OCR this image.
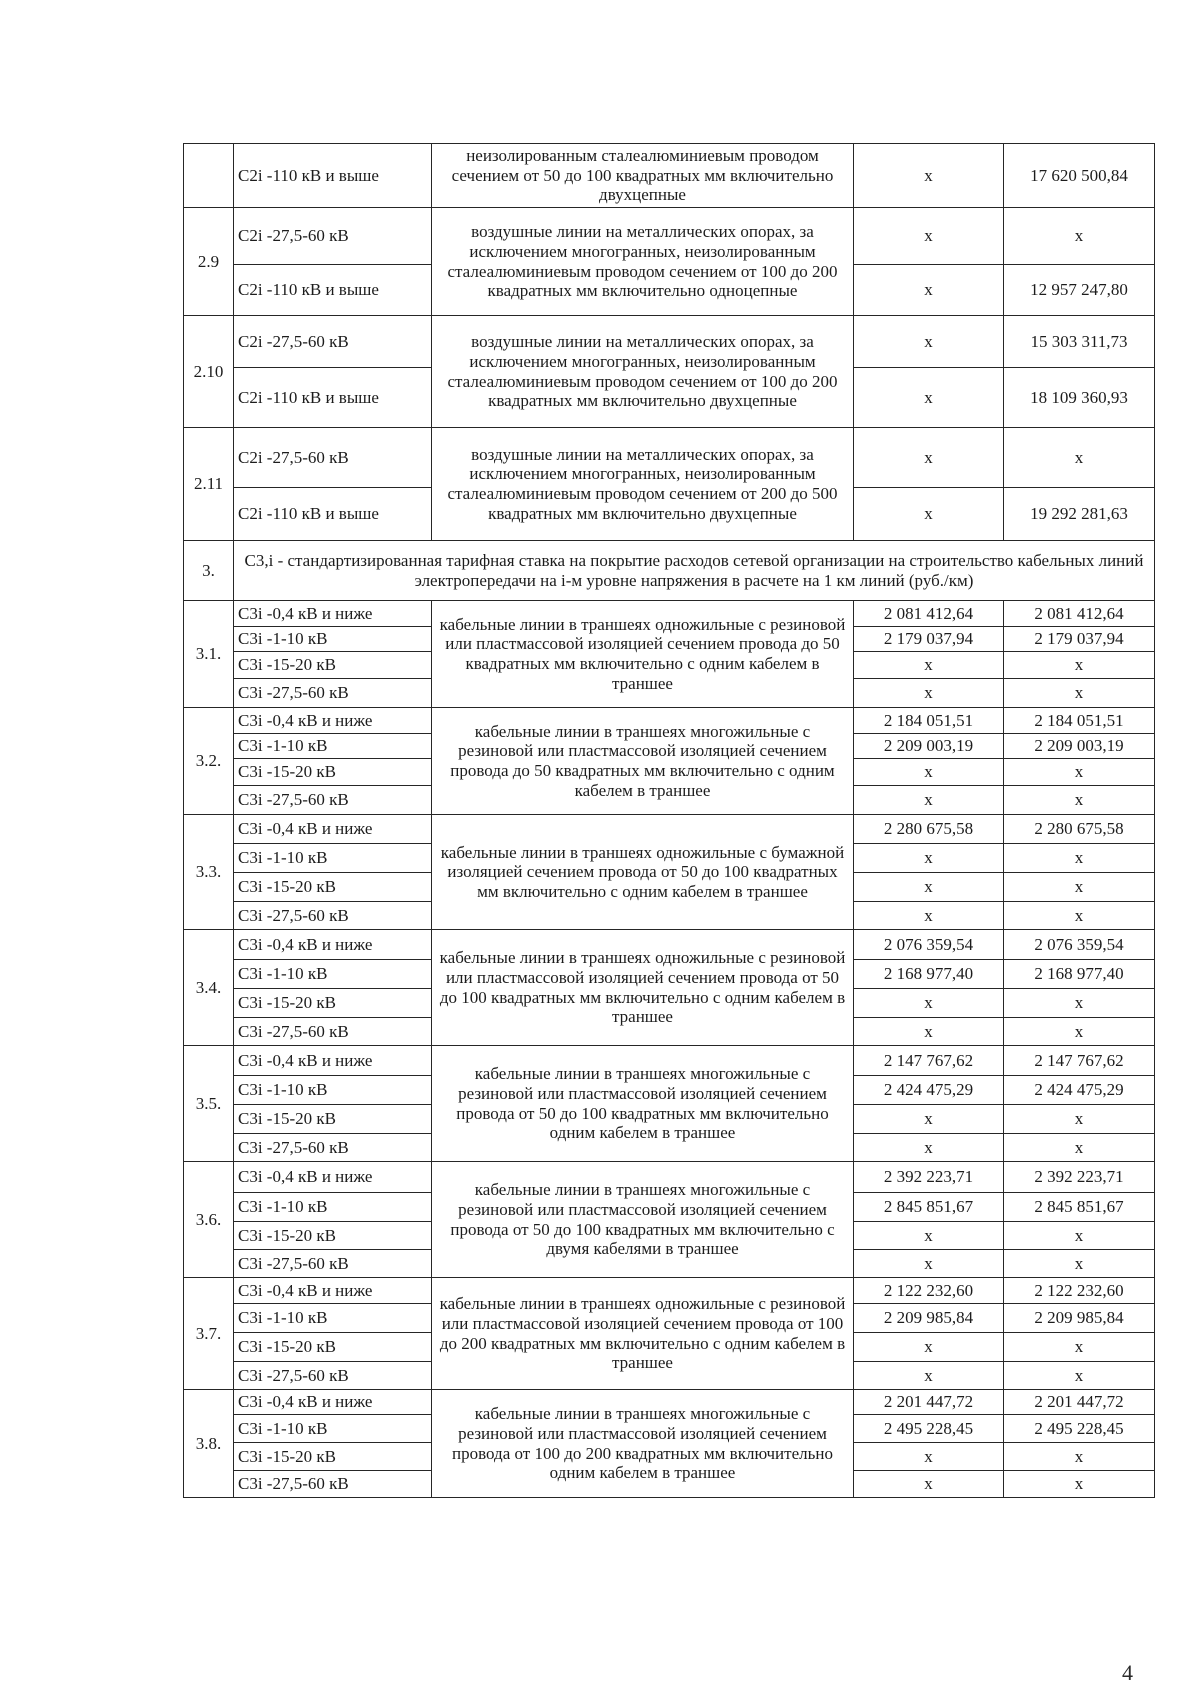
	С2i -110 кВ и выше	неизолированным сталеалюминиевым проводом сечением от 50 до 100 квадратных мм включительно двухцепные	x	17 620 500,84
2.9	С2i -27,5-60 кВ	воздушные линии на металлических опорах, за исключением многогранных, неизолированным сталеалюминиевым проводом сечением от 100 до 200 квадратных мм включительно одноцепные	x	x
	С2i -110 кВ и выше		x	12 957 247,80
2.10	С2i -27,5-60 кВ	воздушные линии на металлических опорах, за исключением многогранных, неизолированным сталеалюминиевым проводом сечением от 100 до 200 квадратных мм включительно двухцепные	x	15 303 311,73
	С2i -110 кВ и выше		x	18 109 360,93
2.11	С2i -27,5-60 кВ	воздушные линии на металлических опорах, за исключением многогранных, неизолированным сталеалюминиевым проводом сечением от 200 до 500 квадратных мм включительно двухцепные	x	x
	С2i -110 кВ и выше		x	19 292 281,63
3.	С3,i - стандартизированная тарифная ставка на покрытие расходов сетевой организации на строительство кабельных линий электропередачи на i-м уровне напряжения в расчете на 1 км линий (руб./км)			
3.1.	С3i -0,4 кВ и ниже	кабельные линии в траншеях одножильные с резиновой или пластмассовой изоляцией сечением провода до 50 квадратных мм включительно с одним кабелем в траншее	2 081 412,64	2 081 412,64
	С3i -1-10 кВ		2 179 037,94	2 179 037,94
	С3i -15-20 кВ		x	x
	С3i -27,5-60 кВ		x	x
3.2.	С3i -0,4 кВ и ниже	кабельные линии в траншеях многожильные с резиновой или пластмассовой изоляцией сечением провода до 50 квадратных мм включительно с одним кабелем в траншее	2 184 051,51	2 184 051,51
	С3i -1-10 кВ		2 209 003,19	2 209 003,19
	С3i -15-20 кВ		x	x
	С3i -27,5-60 кВ		x	x
3.3.	С3i -0,4 кВ и ниже	кабельные линии в траншеях одножильные с бумажной изоляцией сечением провода от 50 до 100 квадратных мм включительно с одним кабелем в траншее	2 280 675,58	2 280 675,58
	С3i -1-10 кВ		x	x
	С3i -15-20 кВ		x	x
	С3i -27,5-60 кВ		x	x
3.4.	С3i -0,4 кВ и ниже	кабельные линии в траншеях одножильные с резиновой или пластмассовой изоляцией сечением провода от 50 до 100 квадратных мм включительно с одним кабелем в траншее	2 076 359,54	2 076 359,54
	С3i -1-10 кВ		2 168 977,40	2 168 977,40
	С3i -15-20 кВ		x	x
	С3i -27,5-60 кВ		x	x
3.5.	С3i -0,4 кВ и ниже	кабельные линии в траншеях многожильные с резиновой или пластмассовой изоляцией сечением провода от 50 до 100 квадратных мм включительно одним кабелем в траншее	2 147 767,62	2 147 767,62
	С3i -1-10 кВ		2 424 475,29	2 424 475,29
	С3i -15-20 кВ		x	x
	С3i -27,5-60 кВ		x	x
3.6.	С3i -0,4 кВ и ниже	кабельные линии в траншеях многожильные с резиновой или пластмассовой изоляцией сечением провода от 50 до 100 квадратных мм включительно с двумя кабелями в траншее	2 392 223,71	2 392 223,71
	С3i -1-10 кВ		2 845 851,67	2 845 851,67
	С3i -15-20 кВ		x	x
	С3i -27,5-60 кВ		x	x
3.7.	С3i -0,4 кВ и ниже	кабельные линии в траншеях одножильные с резиновой или пластмассовой изоляцией сечением провода от 100 до 200 квадратных мм включительно с одним кабелем в траншее	2 122 232,60	2 122 232,60
	С3i -1-10 кВ		2 209 985,84	2 209 985,84
	С3i -15-20 кВ		x	x
	С3i -27,5-60 кВ		x	x
3.8.	С3i -0,4 кВ и ниже	кабельные линии в траншеях многожильные с резиновой или пластмассовой изоляцией сечением провода от 100 до 200 квадратных мм включительно одним кабелем в траншее	2 201 447,72	2 201 447,72
	С3i -1-10 кВ		2 495 228,45	2 495 228,45
	С3i -15-20 кВ		x	x
	С3i -27,5-60 кВ		x	x
4
